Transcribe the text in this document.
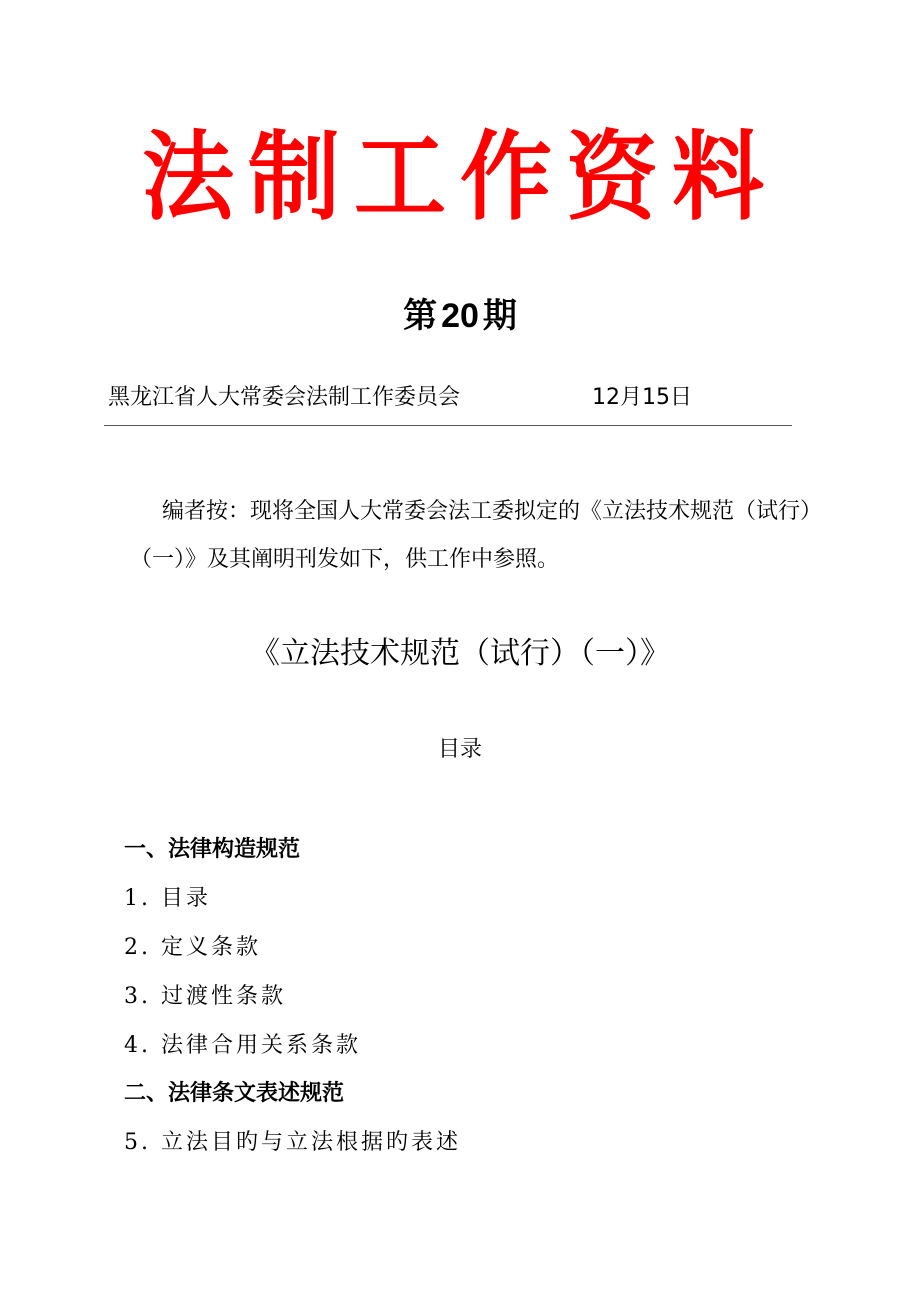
法制工作资料
第 20 期
黑龙江省人大常委会法制工作委员会	12月15日
编者按：现将全国人大常委会法工委拟定的《立法技术规范（试行）（一）》及其阐明刊发如下，供工作中参照。
《立法技术规范（试行）（一）》
目录
一、法律构造规范
1. 目录
2. 定义条款
3. 过渡性条款
4. 法律合用关系条款
二、法律条文表述规范
5. 立法目旳与立法根据旳表述
